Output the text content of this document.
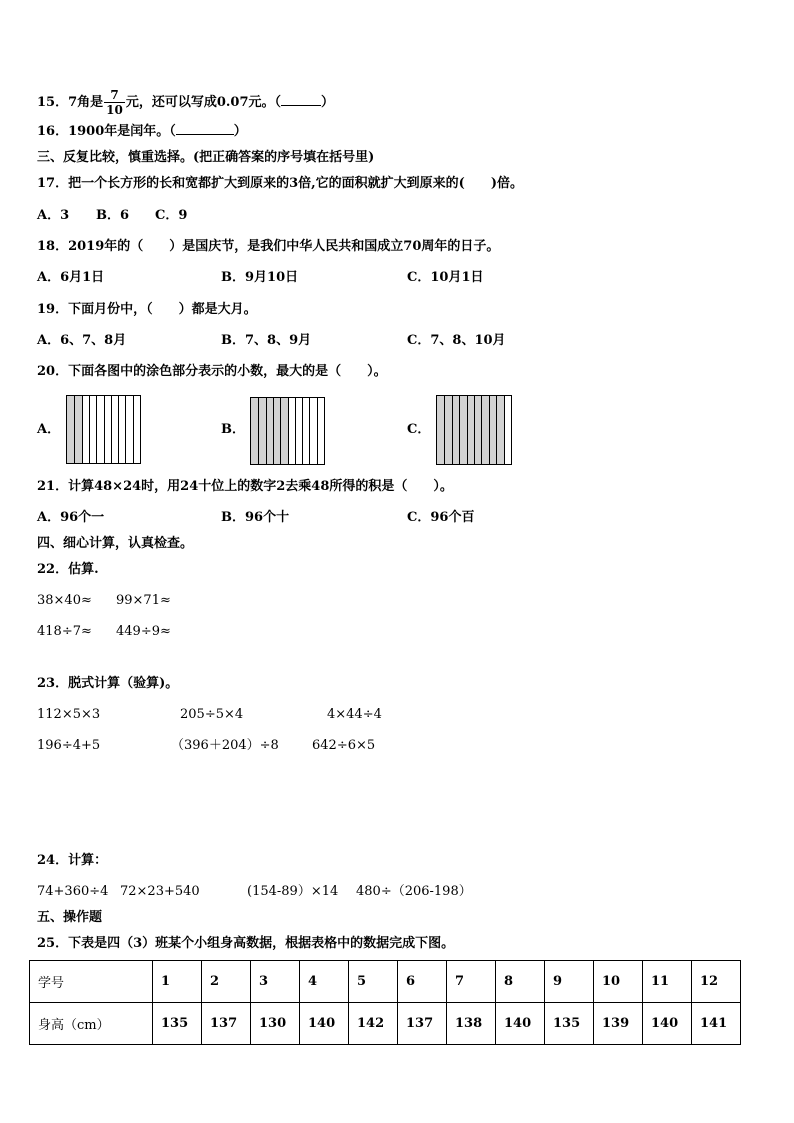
15．7角是 $\frac{7}{10}$ 元，还可以写成0.07元。（	）
16．1900年是闰年。（	）
三、反复比较，慎重选择。(把正确答案的序号填在括号里)
17．把一个长方形的长和宽都扩大到原来的3倍,它的面积就扩大到原来的(　　)倍。
A．3 B．6 C．9
18．2019年的（　　）是国庆节，是我们中华人民共和国成立70周年的日子。
A．6月1日	B．9月10日	C．10月1日
19．下面月份中，（　　）都是大月。
A．6、7、8月	B．7、8、9月	C．7、8、10月
20．下面各图中的涂色部分表示的小数，最大的是（　　）。
A．	B．	C．
21．计算48×24时，用24十位上的数字2去乘48所得的积是（　　）。
A．96个一	B．96个十	C．96个百
四、细心计算，认真检查。
22．估算.
38×40≈ 99×71≈
418÷7≈ 449÷9≈
23．脱式计算（验算)。
112×5×3	205÷5×4	4×44÷4
196÷4+5	（396＋204）÷8	642÷6×5
24．计算：
74+360÷4 72×23+540	(154-89）×14 480÷（206-198）
五、操作题
25．下表是四（3）班某个小组身高数据，根据表格中的数据完成下图。
学号	1	2	3	4	5	6	7	8	9	10	11	12
身高（cm）	135	137	130	140	142	137	138	140	135	139	140	141
